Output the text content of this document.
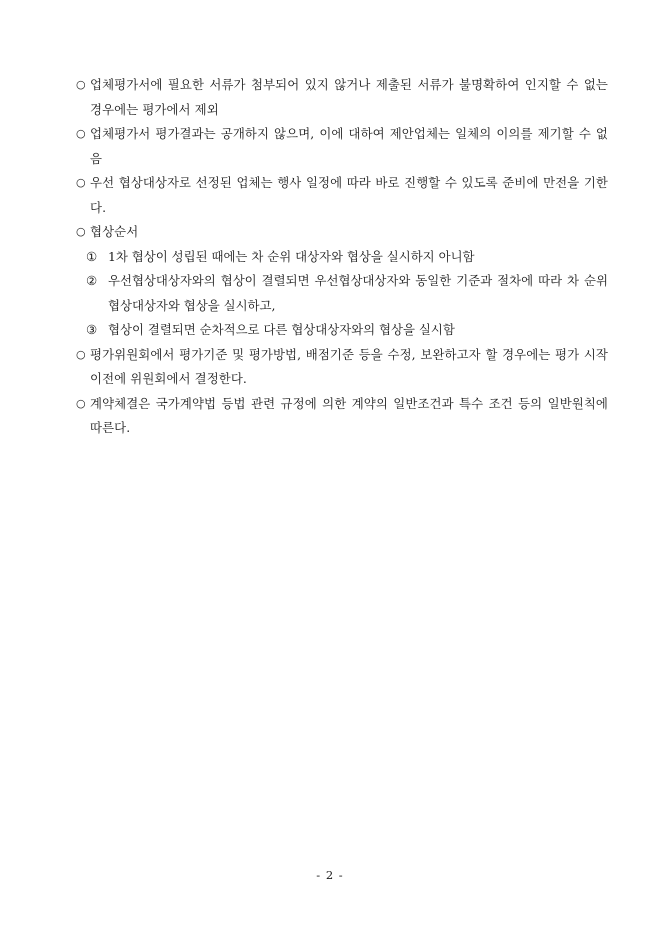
○ 업체평가서에 필요한 서류가 첨부되어 있지 않거나 제출된 서류가 불명확하여 인지할 수 없는 경우에는 평가에서 제외
○ 업체평가서 평가결과는 공개하지 않으며, 이에 대하여 제안업체는 일체의 이의를 제기할 수 없음
○ 우선 협상대상자로 선정된 업체는 행사 일정에 따라 바로 진행할 수 있도록 준비에 만전을 기한다.
○ 협상순서
① 1차 협상이 성립된 때에는 차 순위 대상자와 협상을 실시하지 아니함
② 우선협상대상자와의 협상이 결렬되면 우선협상대상자와 동일한 기준과 절차에 따라 차 순위 협상대상자와 협상을 실시하고,
③ 협상이 결렬되면 순차적으로 다른 협상대상자와의 협상을 실시함
○ 평가위원회에서 평가기준 및 평가방법, 배점기준 등을 수정, 보완하고자 할 경우에는 평가 시작 이전에 위원회에서 결정한다.
○ 계약체결은 국가계약법 등법 관련 규정에 의한 계약의 일반조건과 특수 조건 등의 일반원칙에 따른다.
- 2 -
